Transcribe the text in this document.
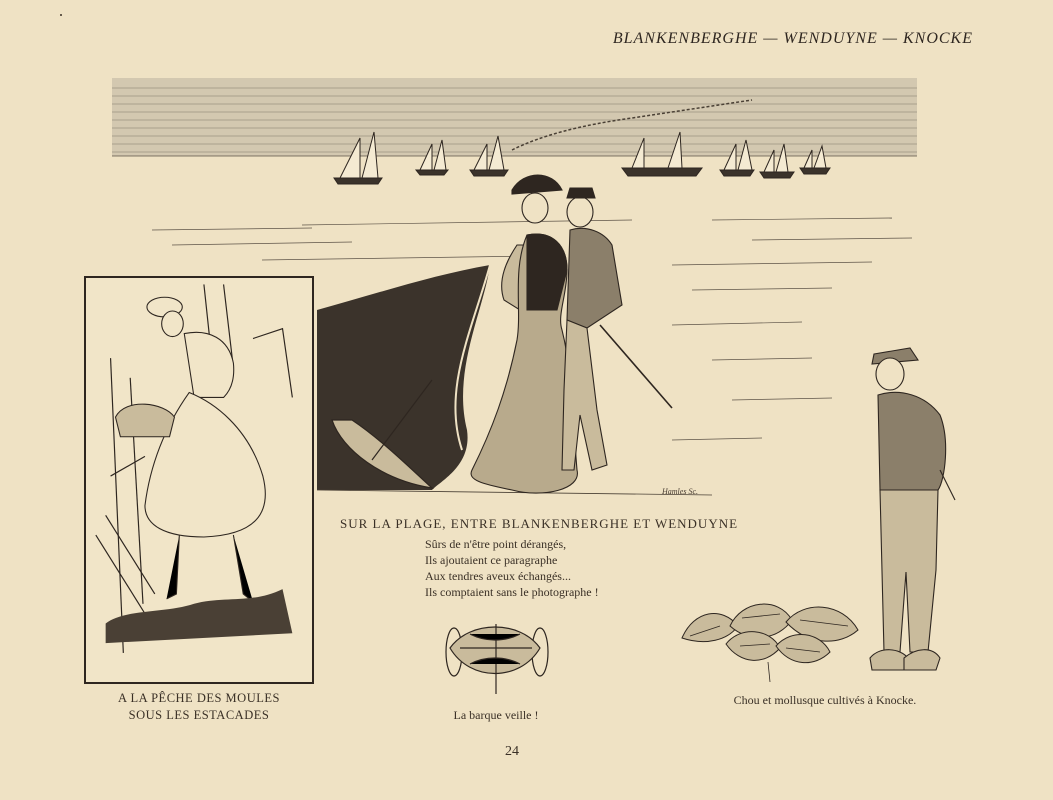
BLANKENBERGHE — WENDUYNE — KNOCKE
Hamles Sc.
A LA PÊCHE DES MOULES
SOUS LES ESTACADES
SUR LA PLAGE, ENTRE BLANKENBERGHE ET WENDUYNE
Sûrs de n'être point dérangés,
Ils ajoutaient ce paragraphe
Aux tendres aveux échangés...
Ils comptaient sans le photographe !
La barque veille !
Chou et mollusque cultivés à Knocke.
24
